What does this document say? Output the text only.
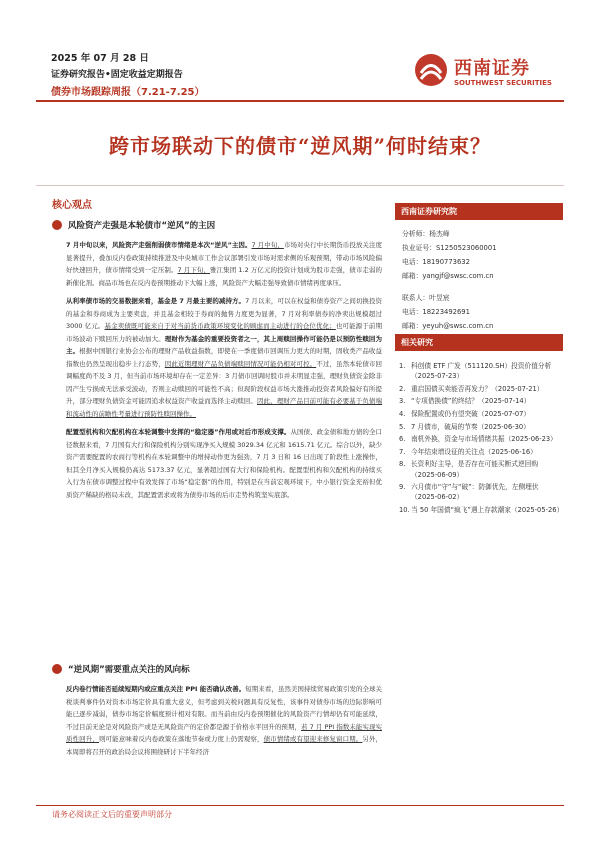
2025 年 07 月 28 日
证券研究报告•固定收益定期报告
债券市场跟踪周报（7.21-7.25）
西南证券
SOUTHWEST SECURITIES
跨市场联动下的债市“逆风期”何时结束？
核心观点
风险资产走强是本轮债市“逆风”的主因
7 月中旬以来，风险资产走强削弱债市情绪是本次“逆风”主因。7 月中旬，市场对央行中长期货币投放关注度显著提升，叠加反内卷政策持续推进及中央城市工作会议部署引发市场对需求侧的乐观预期，带动市场风险偏好快速回升，债市情绪受到一定压制。7 月下旬，雅江集团 1.2 万亿元的投资计划成为股市走强，债市走弱的新催化剂。商品市场也在反内卷预期推动下大幅上涨，风险资产大幅走强导致债市情绪再度承压。
从利率债市场的交易数据来看，基金是 7 月最主要的减持方。7 月以来，可以在权益和债券资产之间切换投资的基金和券商成为主要卖盘，并且基金相较于券商的抛售力度更为显著，7 月对利率债券的净卖出规模超过 3000 亿元。基金卖债既可能来自于对当前货币政策环境变化的顾虑而主动进行的仓位优化；也可能源于前期市场波动下赎回压力的被动加大。理财作为基金的重要投资者之一，其上周赎回操作可能仍是以预防性赎回为主。根据中国银行业协会公布的理财产品收益指数，即使在一季度债市回调压力更大的时期，固收类产品收益指数也仍然呈现出稳步上行态势，因此近期理财产品负债端赎回情况可能仍相对可控。不过，虽然本轮债市回调幅度尚不及 3 月，但当前市场环境却存在一定差异：3 月债市回调时股市并未明显走强，理财负债资金除非因产生亏损或无法承受波动，否则主动赎回的可能性不高；但现阶段权益市场大涨推动投资者风险偏好有所提升，部分理财负债资金可能因追求权益资产收益而选择主动赎回。因此，理财产品目前可能有必要基于负债端和流动性的前瞻性考量进行预防性赎回操作。
配置型机构和欠配机构在本轮调整中发挥的“稳定器”作用或对后市形成支撑。从国债、政金债和地方债的全口径数据来看，7 月国有大行和保险机构分别实现净买入规模 3029.34 亿元和 1615.71 亿元。综合以外，缺少资产需要配置的农商行等机构在本轮调整中的增持动作更为强劲，7 月 3 日和 16 日出现了阶段性上涨操作，但其全月净买入规模仍高达 5173.37 亿元，显著超过国有大行和保险机构。配置型机构和欠配机构的持续买入行为在债市调整过程中有效发挥了市场“稳定器”的作用，特别是在当前宏观环境下，中小银行资金充裕但优质资产稀缺的格局未改，其配置需求或将为债券市场的后市走势构筑坚实底部。
“逆风期”需要重点关注的风向标
反内卷行情能否延续短期内或应重点关注 PPI 能否确认改善。短期来看，虽然美国持续贸易政策引发的全球关税谈判事件仍对资本市场定价具有重大意义，但考虑到关税问题具有反复性，该事件对债券市场的边际影响可能已逐步减弱，债券市场定价幅度预计相对有限。而当前由反内卷预期催化的风险资产行情却仍有可能延续，不过目前无论是对风险资产或是无风险资产的定价都是源于价格水平回升的预期，若 7 月 PPI 指数未能实现实质性回升，则可能意味着反内卷政策在落地节奏或力度上仍需观察，债市情绪或有望迎来修复窗口期。另外，本周即将召开的政治局会议将围绕研讨下半年经济
西南证券研究院
分析师：杨杰峰
执业证号：S1250523060001
电话：18190773632
邮箱：yangjf@swsc.com.cn
联系人：叶昱宸
电话：18223492691
邮箱：yeyuh@swsc.com.cn
相关研究
1. 科创债 ETF 广发（511120.SH）投资价值分析（2025-07-23）
2. 重启国债买卖能否再发力？（2025-07-21）
3. “专项借换债”的终结？（2025-07-14）
4. 保险配置或仍有望突破（2025-07-07）
5. 7 月债市，破局的节奏（2025-06-30）
6. 南机外换，资金与市场情绪共振（2025-06-23）
7. 今年结束增设征的关注点（2025-06-16）
8. 长资利好主导，是否存在可能买断式逆回购（2025-06-09）
9. 六月债市“守”与“破”：防御优先，左侧埋伏（2025-06-02）
10. 当 50 年国债“疯飞”遇上存款潮家（2025-05-26）
请务必阅读正文后的重要声明部分
